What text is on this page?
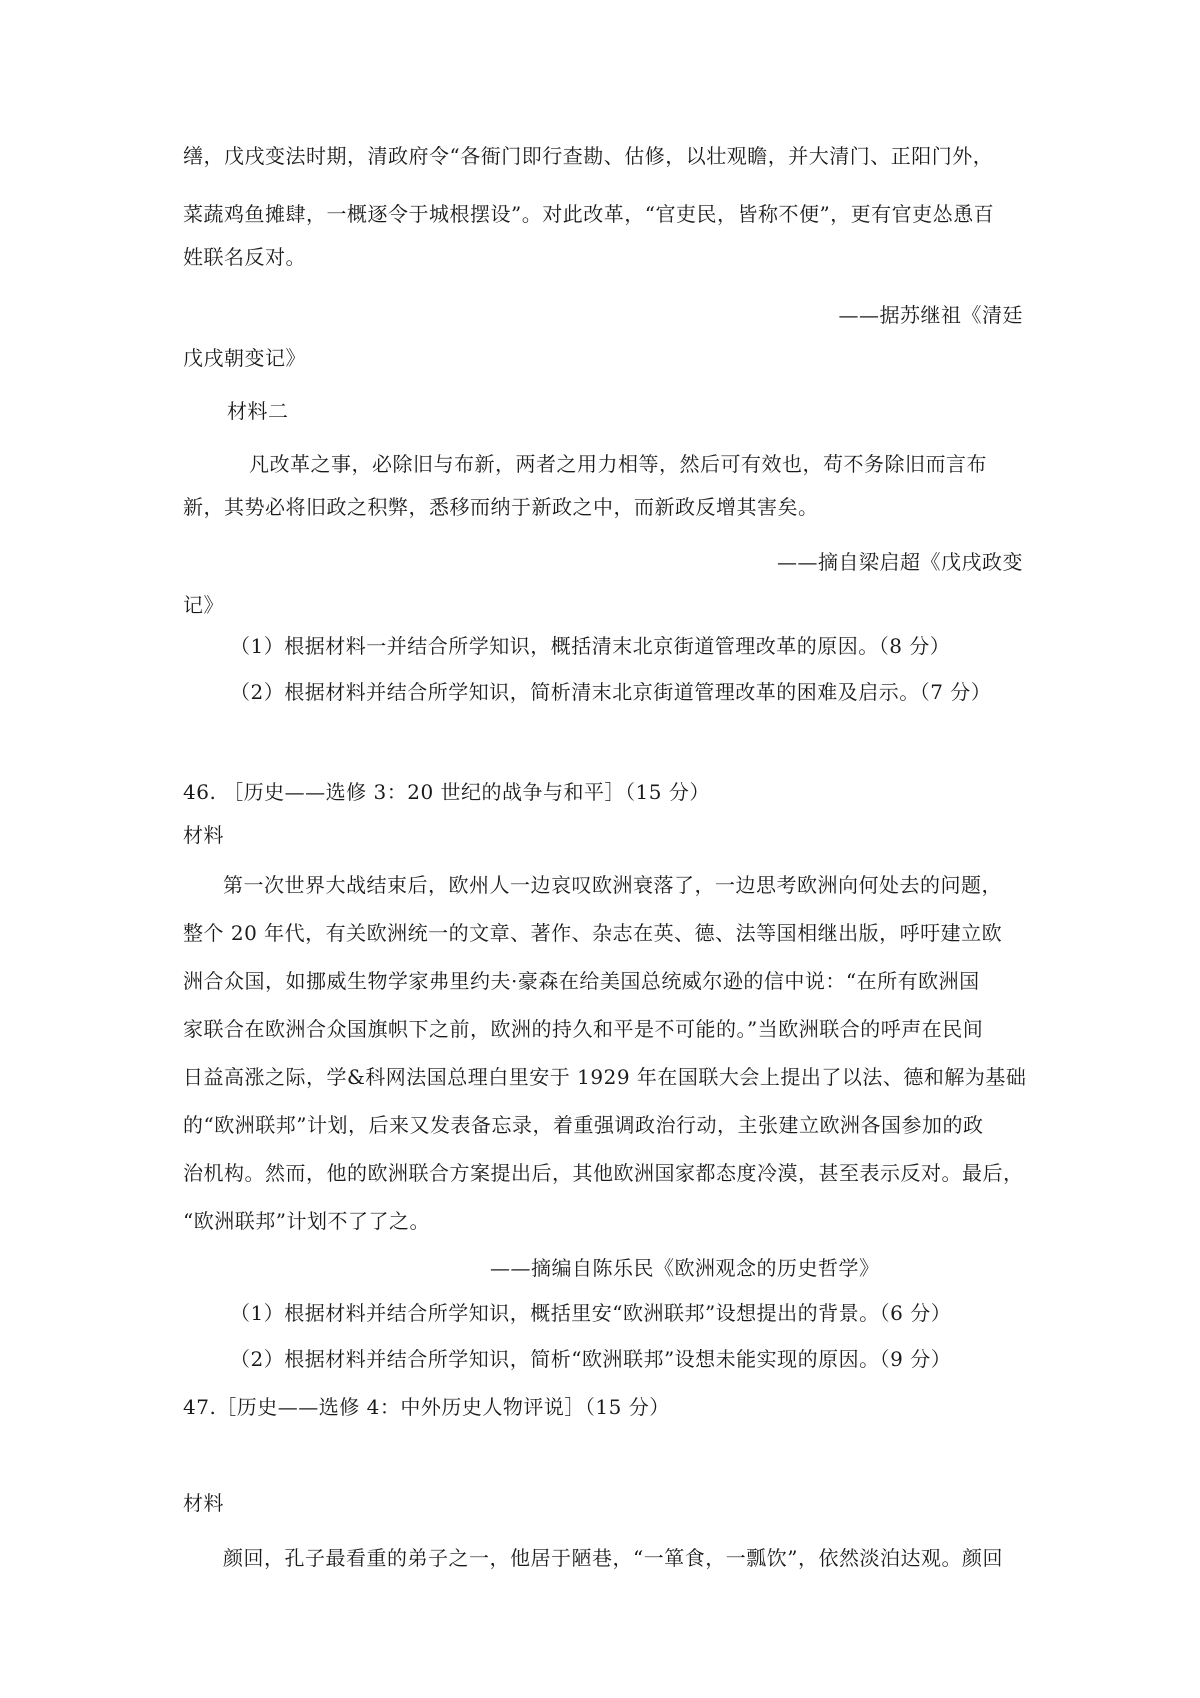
缮，戊戌变法时期，清政府令“各衙门即行查勘、估修，以壮观瞻，并大清门、正阳门外，
菜蔬鸡鱼摊肆，一概逐令于城根摆设”。对此改革，“官吏民，皆称不便”，更有官吏怂恿百
姓联名反对。
——据苏继祖《清廷
戊戌朝变记》
材料二
凡改革之事，必除旧与布新，两者之用力相等，然后可有效也，苟不务除旧而言布
新，其势必将旧政之积弊，悉移而纳于新政之中，而新政反增其害矣。
——摘自梁启超《戊戌政变
记》
（1）根据材料一并结合所学知识，概括清末北京街道管理改革的原因。（8 分）
（2）根据材料并结合所学知识，简析清末北京街道管理改革的困难及启示。（7 分）
46. ［历史——选修 3：20 世纪的战争与和平］（15 分）
材料
第一次世界大战结束后，欧州人一边哀叹欧洲衰落了，一边思考欧洲向何处去的问题，
整个 20 年代，有关欧洲统一的文章、著作、杂志在英、德、法等国相继出版，呼吁建立欧
洲合众国，如挪威生物学家弗里约夫·豪森在给美国总统威尔逊的信中说：“在所有欧洲国
家联合在欧洲合众国旗帜下之前，欧洲的持久和平是不可能的。”当欧洲联合的呼声在民间
日益高涨之际，学&科网法国总理白里安于 1929 年在国联大会上提出了以法、德和解为基础
的“欧洲联邦”计划，后来又发表备忘录，着重强调政治行动，主张建立欧洲各国参加的政
治机构。然而，他的欧洲联合方案提出后，其他欧洲国家都态度冷漠，甚至表示反对。最后，
“欧洲联邦”计划不了了之。
——摘编自陈乐民《欧洲观念的历史哲学》
（1）根据材料并结合所学知识，概括里安“欧洲联邦”设想提出的背景。（6 分）
（2）根据材料并结合所学知识，简析“欧洲联邦”设想未能实现的原因。（9 分）
47.［历史——选修 4：中外历史人物评说］（15 分）
材料
颜回，孔子最看重的弟子之一，他居于陋巷，“一箪食，一瓢饮”，依然淡泊达观。颜回
